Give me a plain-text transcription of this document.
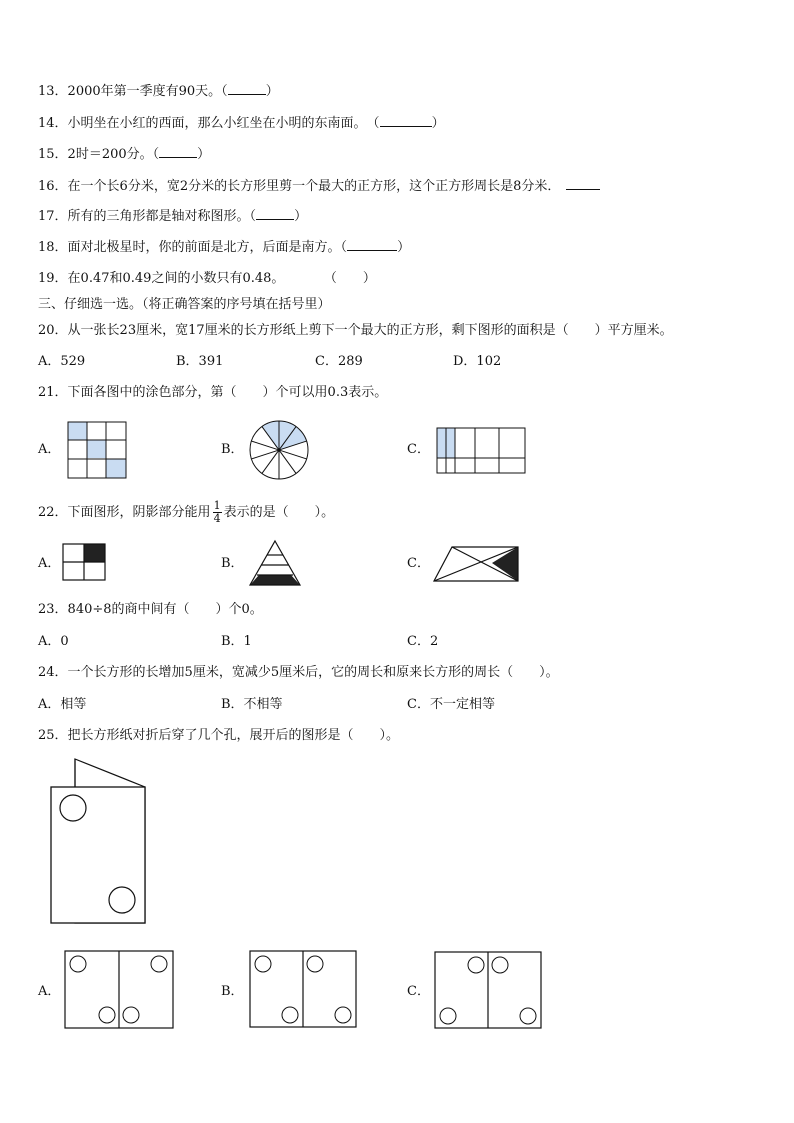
13．2000年第一季度有90天。（	）
14．小明坐在小红的西面，那么小红坐在小明的东南面。　（	）
15．2时＝200分。（	）
16．在一个长6分米，宽2分米的长方形里剪一个最大的正方形，这个正方形周长是8分米．
17．所有的三角形都是轴对称图形。（	）
18．面对北极星时，你的前面是北方，后面是南方。（	）
19．在0.47和0.49之间的小数只有0.48。	（　　）
三、仔细选一选。（将正确答案的序号填在括号里）
20．从一张长23厘米，宽17厘米的长方形纸上剪下一个最大的正方形，剩下图形的面积是（　　）平方厘米。
A．529	B．391	C．289	D．102
21．下面各图中的涂色部分，第（　　）个可以用0.3表示。
A．	B．	C．
22．下面图形，阴影部分能用 $\frac{1}{4}$ 表示的是（　　）。
A．	B．	C．
23．840÷8的商中间有（　　）个0。
A．0	B．1	C．2
24．一个长方形的长增加5厘米，宽减少5厘米后，它的周长和原来长方形的周长（　　）。
A．相等	B．不相等	C．不一定相等
25．把长方形纸对折后穿了几个孔，展开后的图形是（　　）。
A．	B．	C．
